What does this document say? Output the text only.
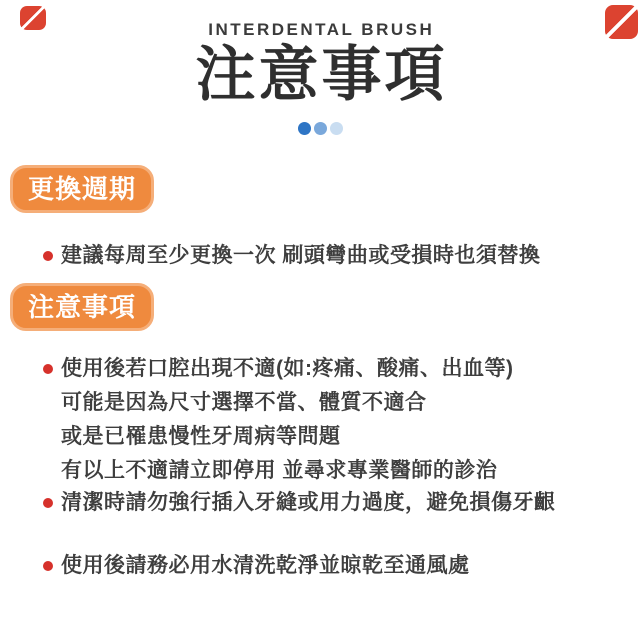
INTERDENTAL BRUSH
注意事項
更換週期
建議每周至少更換一次 刷頭彎曲或受損時也須替換
注意事項
使用後若口腔出現不適(如:疼痛、酸痛、出血等)
可能是因為尺寸選擇不當、體質不適合
或是已罹患慢性牙周病等問題
有以上不適請立即停用 並尋求專業醫師的診治
清潔時請勿強行插入牙縫或用力過度，避免損傷牙齦
使用後請務必用水清洗乾淨並晾乾至通風處
